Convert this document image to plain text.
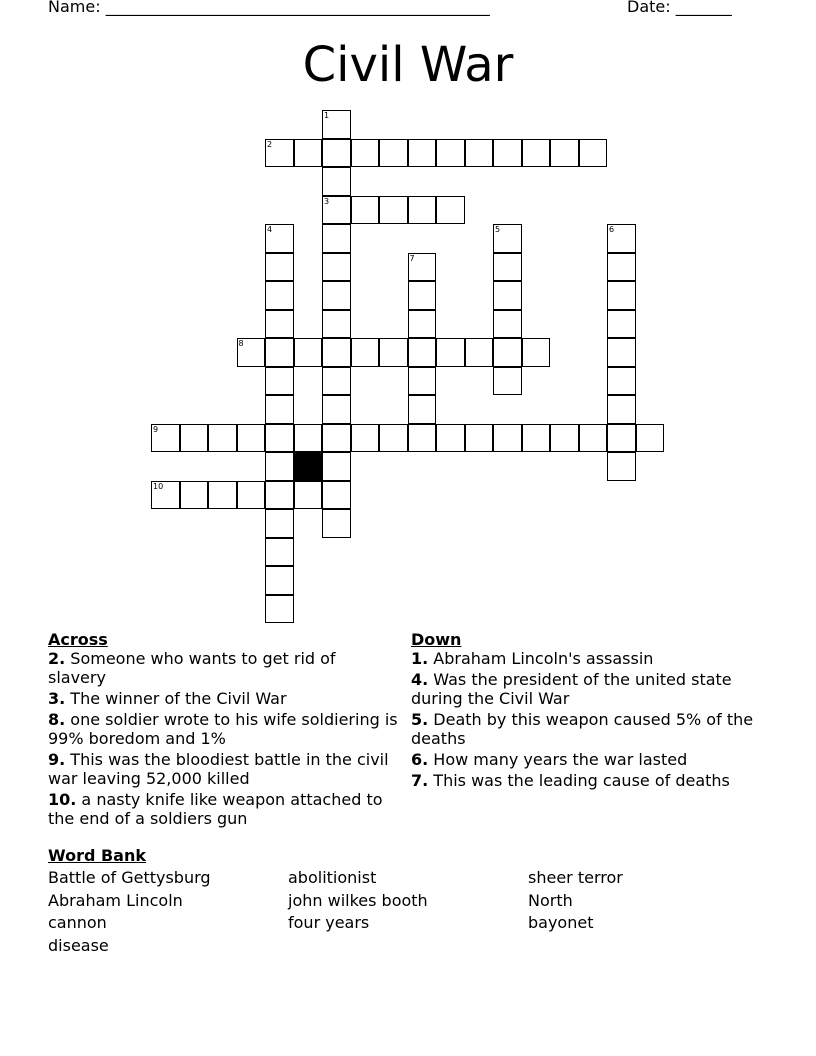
Name: ________________________________________________	Date: _______
Civil War
2
3
8
9
10
1
4	5	6
7
Across
2. Someone who wants to get rid of slavery
3. The winner of the Civil War
8. one soldier wrote to his wife soldiering is 99% boredom and 1%
9. This was the bloodiest battle in the civil war leaving 52,000 killed
10. a nasty knife like weapon attached to the end of a soldiers gun
Down
1. Abraham Lincoln's assassin
4. Was the president of the united state during the Civil War
5. Death by this weapon caused 5% of the deaths
6. How many years the war lasted
7. This was the leading cause of deaths
Word Bank
Battle of Gettysburg	abolitionist	sheer terror
Abraham Lincoln	john wilkes booth	North
cannon	four years	bayonet
disease
